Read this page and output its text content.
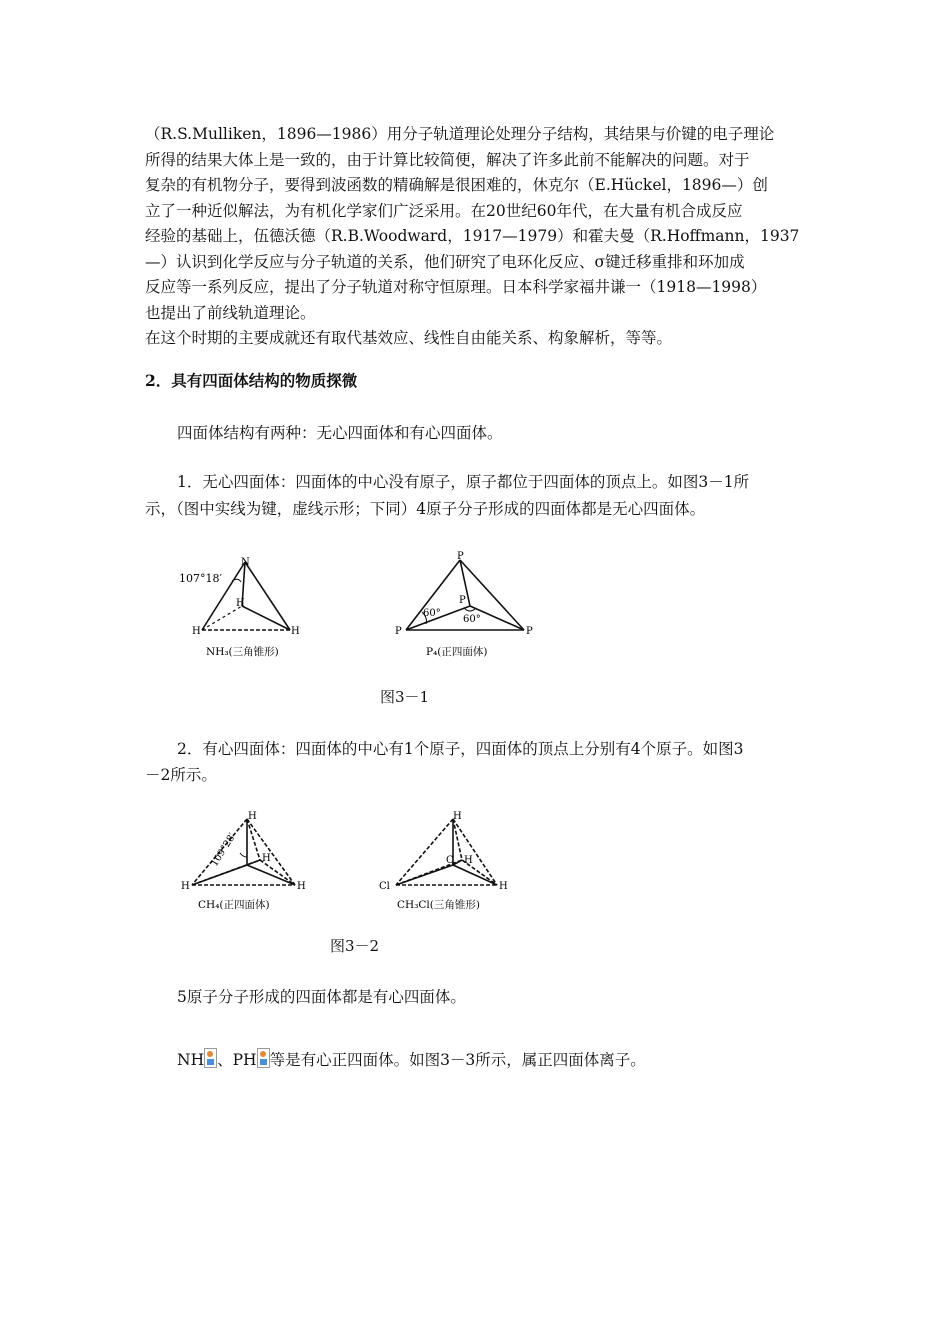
（R.S.Mulliken，1896—1986）用分子轨道理论处理分子结构，其结果与价键的电子理论
所得的结果大体上是一致的，由于计算比较简便，解决了许多此前不能解决的问题。对于
复杂的有机物分子，要得到波函数的精确解是很困难的，休克尔（E.Hückel，1896—）创
立了一种近似解法，为有机化学家们广泛采用。在20世纪60年代，在大量有机合成反应
经验的基础上，伍德沃德（R.B.Woodward，1917—1979）和霍夫曼（R.Hoffmann，1937
—）认识到化学反应与分子轨道的关系，他们研究了电环化反应、σ键迁移重排和环加成
反应等一系列反应，提出了分子轨道对称守恒原理。日本科学家福井谦一（1918—1998）
也提出了前线轨道理论。
在这个时期的主要成就还有取代基效应、线性自由能关系、构象解析，等等。
2．具有四面体结构的物质探微
四面体结构有两种：无心四面体和有心四面体。
1．无心四面体：四面体的中心没有原子，原子都位于四面体的顶点上。如图3－1所
示，（图中实线为键，虚线示形；下同）4原子分子形成的四面体都是无心四面体。
N
107°18′
H
H	H
NH₃(三角锥形)
P
P
60°
60°
P	P
P₄(正四面体)
图3－1
2．有心四面体：四面体的中心有1个原子，四面体的顶点上分别有4个原子。如图3
－2所示。
H
109°28′ H
H	H
CH₄(正四面体)
H
C H
Cl	H
CH₃Cl(三角锥形)
图3－2
5原子分子形成的四面体都是有心四面体。
NH 、PH 等是有心正四面体。如图3－3所示，属正四面体离子。
